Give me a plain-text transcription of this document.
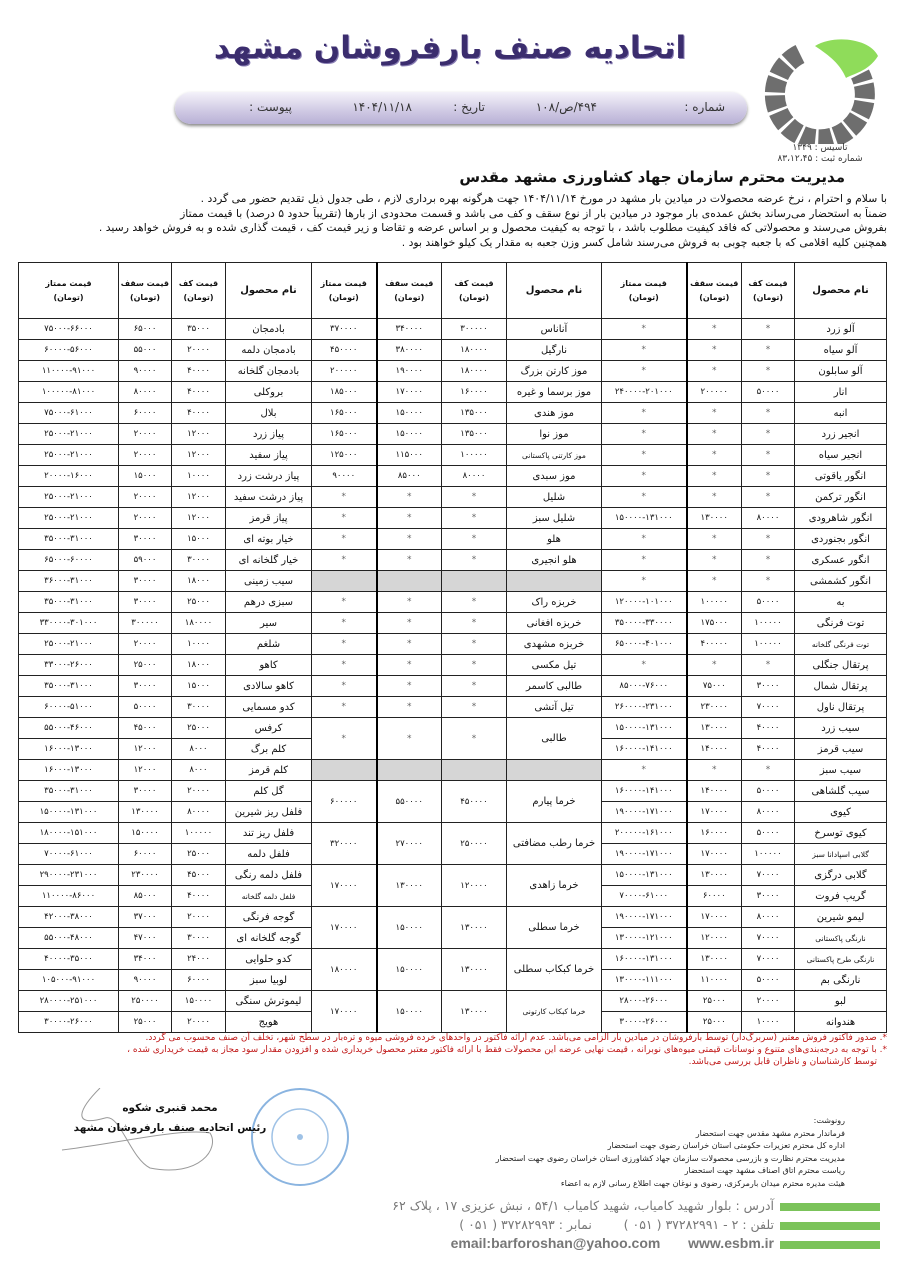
اتحادیه صنف بارفروشان مشهد
شماره :
۴۹۴/ص/۱۰۸
تاریخ :
۱۴۰۴/۱۱/۱۸
پیوست :
تاسیس : ۱۳۴۹
شماره ثبت : ۸۳،۱۲،۴۵
مدیریت محترم سازمان جهاد کشاورزی مشهد مقدس
با سلام و احترام ، نرخ عرضه محصولات در میادین بار مشهد در مورخ ۱۴۰۴/۱۱/۱۴ جهت هرگونه بهره برداری لازم ، طی جدول ذیل تقدیم حضور می گردد .
ضمناً به استحضار می‌رساند بخش عمده‌ی بار موجود در میادین بار از نوع سقف و کف می باشد و قسمت محدودی از بارها (تقریباً حدود ۵ درصد) با قیمت ممتاز
بفروش می‌رسند و محصولاتی که فاقد کیفیت مطلوب باشد ، با توجه به کیفیت محصول و بر اساس عرضه و تقاضا و زیر قیمت کف ، قیمت گذاری شده و به فروش خواهد رسید .
همچنین کلیه اقلامی که با جعبه چوبی به فروش می‌رسند شامل کسر وزن جعبه به مقدار یک کیلو خواهند بود .
نام محصول	قیمت کف
(تومان)	قیمت سقف
(تومان)	قیمت ممتاز
(تومان)	نام محصول	قیمت کف
(تومان)	قیمت سقف
(تومان)	قیمت ممتاز
(تومان)	نام محصول	قیمت کف
(تومان)	قیمت سقف
(تومان)	قیمت ممتاز
(تومان)
آلو زرد	*	*	*	آناناس	۳۰۰۰۰۰	۳۴۰۰۰۰	۳۷۰۰۰۰	بادمجان	۳۵۰۰۰	۶۵۰۰۰	۷۵۰۰۰-۶۶۰۰۰
آلو سیاه	*	*	*	نارگیل	۱۸۰۰۰۰	۳۸۰۰۰۰	۴۵۰۰۰۰	بادمجان دلمه	۲۰۰۰۰	۵۵۰۰۰	۶۰۰۰۰-۵۶۰۰۰
آلو سابلون	*	*	*	موز کارتن بزرگ	۱۸۰۰۰۰	۱۹۰۰۰۰	۲۰۰۰۰۰	بادمجان گلخانه	۴۰۰۰۰	۹۰۰۰۰	۱۱۰۰۰۰-۹۱۰۰۰
انار	۵۰۰۰۰	۲۰۰۰۰۰	۲۴۰۰۰۰-۲۰۱۰۰۰	موز برسما و غیره	۱۶۰۰۰۰	۱۷۰۰۰۰	۱۸۵۰۰۰	بروکلی	۴۰۰۰۰	۸۰۰۰۰	۱۰۰۰۰۰-۸۱۰۰۰
انبه	*	*	*	موز هندی	۱۳۵۰۰۰	۱۵۰۰۰۰	۱۶۵۰۰۰	بلال	۴۰۰۰۰	۶۰۰۰۰	۷۵۰۰۰-۶۱۰۰۰
انجیر زرد	*	*	*	موز نوا	۱۳۵۰۰۰	۱۵۰۰۰۰	۱۶۵۰۰۰	پیاز زرد	۱۲۰۰۰	۲۰۰۰۰	۲۵۰۰۰-۲۱۰۰۰
انجیر سیاه	*	*	*	موز کارتنی پاکستانی	۱۰۰۰۰۰	۱۱۵۰۰۰	۱۲۵۰۰۰	پیاز سفید	۱۲۰۰۰	۲۰۰۰۰	۲۵۰۰۰-۲۱۰۰۰
انگور یاقوتی	*	*	*	موز سبدی	۸۰۰۰۰	۸۵۰۰۰	۹۰۰۰۰	پیاز درشت زرد	۱۰۰۰۰	۱۵۰۰۰	۲۰۰۰۰-۱۶۰۰۰
انگور ترکمن	*	*	*	شلیل	*	*	*	پیاز درشت سفید	۱۲۰۰۰	۲۰۰۰۰	۲۵۰۰۰-۲۱۰۰۰
انگور شاهرودی	۸۰۰۰۰	۱۳۰۰۰۰	۱۵۰۰۰۰-۱۳۱۰۰۰	شلیل سبز	*	*	*	پیاز قرمز	۱۲۰۰۰	۲۰۰۰۰	۲۵۰۰۰-۲۱۰۰۰
انگور بجنوردی	*	*	*	هلو	*	*	*	خیار بوته ای	۱۵۰۰۰	۳۰۰۰۰	۳۵۰۰۰-۳۱۰۰۰
انگور عسکری	*	*	*	هلو انجیری	*	*	*	خیار گلخانه ای	۳۰۰۰۰	۵۹۰۰۰	۶۵۰۰۰-۶۰۰۰۰
انگور کشمشی	*	*	*					سیب زمینی	۱۸۰۰۰	۳۰۰۰۰	۳۶۰۰۰-۳۱۰۰۰
به	۵۰۰۰۰	۱۰۰۰۰۰	۱۲۰۰۰۰-۱۰۱۰۰۰	خربزه راک	*	*	*	سبزی درهم	۲۵۰۰۰	۳۰۰۰۰	۳۵۰۰۰-۳۱۰۰۰
توت فرنگی	۱۰۰۰۰۰	۱۷۵۰۰۰	۳۵۰۰۰۰-۳۳۰۰۰۰	خربزه افغانی	*	*	*	سیر	۱۸۰۰۰۰	۳۰۰۰۰۰	۳۳۰۰۰۰-۳۰۱۰۰۰
توت فرنگی گلخانه	۱۰۰۰۰۰	۴۰۰۰۰۰	۶۵۰۰۰۰-۴۰۱۰۰۰	خربزه مشهدی	*	*	*	شلغم	۱۰۰۰۰	۲۰۰۰۰	۲۵۰۰۰-۲۱۰۰۰
پرتقال جنگلی	*	*	*	تیل مکسی	*	*	*	کاهو	۱۸۰۰۰	۲۵۰۰۰	۳۳۰۰۰-۲۶۰۰۰
پرتقال شمال	۳۰۰۰۰	۷۵۰۰۰	۸۵۰۰۰-۷۶۰۰۰	طالبی کاسمر	*	*	*	کاهو سالادی	۱۵۰۰۰	۳۰۰۰۰	۳۵۰۰۰-۳۱۰۰۰
پرتقال ناول	۷۰۰۰۰	۲۳۰۰۰۰	۲۶۰۰۰۰-۲۳۱۰۰۰	تیل آتشی	*	*	*	کدو مسمایی	۳۰۰۰۰	۵۰۰۰۰	۶۰۰۰۰-۵۱۰۰۰
سیب زرد	۴۰۰۰۰	۱۳۰۰۰۰	۱۵۰۰۰۰-۱۳۱۰۰۰	طالبی	*	*	*	کرفس	۲۵۰۰۰	۴۵۰۰۰	۵۵۰۰۰-۴۶۰۰۰
سیب قرمز	۴۰۰۰۰	۱۴۰۰۰۰	۱۶۰۰۰۰-۱۴۱۰۰۰					کلم برگ	۸۰۰۰	۱۲۰۰۰	۱۶۰۰۰-۱۳۰۰۰
سیب سبز	*	*	*					کلم قرمز	۸۰۰۰	۱۲۰۰۰	۱۶۰۰۰-۱۳۰۰۰
سیب گلشاهی	۵۰۰۰۰	۱۴۰۰۰۰	۱۶۰۰۰۰-۱۴۱۰۰۰	خرما پیارم	۴۵۰۰۰۰	۵۵۰۰۰۰	۶۰۰۰۰۰	گل کلم	۲۰۰۰۰	۳۰۰۰۰	۳۵۰۰۰-۳۱۰۰۰
کیوی	۸۰۰۰۰	۱۷۰۰۰۰	۱۹۰۰۰۰-۱۷۱۰۰۰					فلفل ریز شیرین	۸۰۰۰۰	۱۳۰۰۰۰	۱۵۰۰۰۰-۱۳۱۰۰۰
کیوی توسرخ	۵۰۰۰۰	۱۶۰۰۰۰	۲۰۰۰۰۰-۱۶۱۰۰۰	خرما رطب مضافتی	۲۵۰۰۰۰	۲۷۰۰۰۰	۳۲۰۰۰۰	فلفل ریز تند	۱۰۰۰۰۰	۱۵۰۰۰۰	۱۸۰۰۰۰-۱۵۱۰۰۰
گلابی اسپادانا سبز	۱۰۰۰۰۰	۱۷۰۰۰۰	۱۹۰۰۰۰-۱۷۱۰۰۰					فلفل دلمه	۲۵۰۰۰	۶۰۰۰۰	۷۰۰۰۰-۶۱۰۰۰
گلابی درگزی	۷۰۰۰۰	۱۳۰۰۰۰	۱۵۰۰۰۰-۱۳۱۰۰۰	خرما زاهدی	۱۲۰۰۰۰	۱۳۰۰۰۰	۱۷۰۰۰۰	فلفل دلمه رنگی	۴۵۰۰۰	۲۳۰۰۰۰	۲۹۰۰۰۰-۲۳۱۰۰۰
گریپ فروت	۳۰۰۰۰	۶۰۰۰۰	۷۰۰۰۰-۶۱۰۰۰					فلفل دلمه گلخانه	۴۰۰۰۰	۸۵۰۰۰	۱۱۰۰۰۰-۸۶۰۰۰
لیمو شیرین	۸۰۰۰۰	۱۷۰۰۰۰	۱۹۰۰۰۰-۱۷۱۰۰۰	خرما سطلی	۱۳۰۰۰۰	۱۵۰۰۰۰	۱۷۰۰۰۰	گوجه فرنگی	۲۰۰۰۰	۳۷۰۰۰	۴۲۰۰۰-۳۸۰۰۰
نارنگی پاکستانی	۷۰۰۰۰	۱۲۰۰۰۰	۱۳۰۰۰۰-۱۲۱۰۰۰					گوجه گلخانه ای	۳۰۰۰۰	۴۷۰۰۰	۵۵۰۰۰-۴۸۰۰۰
نارنگی طرح پاکستانی	۷۰۰۰۰	۱۳۰۰۰۰	۱۶۰۰۰۰-۱۳۱۰۰۰	خرما کبکاب سطلی	۱۳۰۰۰۰	۱۵۰۰۰۰	۱۸۰۰۰۰	کدو حلوایی	۲۴۰۰۰	۳۴۰۰۰	۴۰۰۰۰-۳۵۰۰۰
نارنگی بم	۵۰۰۰۰	۱۱۰۰۰۰	۱۳۰۰۰۰-۱۱۱۰۰۰					لوبیا سبز	۶۰۰۰۰	۹۰۰۰۰	۱۰۵۰۰۰-۹۱۰۰۰
لبو	۲۰۰۰۰	۲۵۰۰۰	۲۸۰۰۰-۲۶۰۰۰	خرما کبکاب کارتونی	۱۳۰۰۰۰	۱۵۰۰۰۰	۱۷۰۰۰۰	لیموترش سنگی	۱۵۰۰۰۰	۲۵۰۰۰۰	۲۸۰۰۰۰-۲۵۱۰۰۰
هندوانه	۱۰۰۰۰	۲۵۰۰۰	۳۰۰۰۰-۲۶۰۰۰					هویج	۲۰۰۰۰	۲۵۰۰۰	۳۰۰۰۰-۲۶۰۰۰
*. صدور فاکتور فروش معتبر (سربرگ‌دار) توسط بارفروشان در میادین بار الزامی می‌باشد. عدم ارائه فاکتور در واحدهای خرده فروشی میوه و تره‌بار در سطح شهر، تخلف آن صنف محسوب می گردد.
*. با توجه به درجه‌بندی‌های متنوع و نوسانات قیمتی میوه‌های نوبرانه ، قیمت نهایی عرضه این محصولات فقط با ارائه فاکتور معتبر محصول خریداری شده و افزودن مقدار سود مجاز به قیمت خریداری شده ،
توسط کارشناسان و ناظران قابل بررسی می‌باشد.
محمد قنبری شکوه
رئیس اتحادیه صنف بارفروشان مشهد
رونوشت:
فرماندار محترم مشهد مقدس جهت استحضار
اداره کل محترم تعزیرات حکومتی استان خراسان رضوی جهت استحضار
مدیریت محترم نظارت و بازرسی محصولات سازمان جهاد کشاورزی استان خراسان رضوی جهت استحضار
ریاست محترم اتاق اصناف مشهد جهت استحضار
هیئت مدیره محترم میدان بارمرکزی، رضوی و نوغان جهت اطلاع رسانی لازم به اعضاء
آدرس : بلوار شهید کامیاب، شهید کامیاب ۵۴/۱ ، نبش عزیزی ۱۷ ، پلاک ۶۲
تلفن : ۲ - ۳۷۲۸۲۹۹۱ ( ۰۵۱ )        نمابر : ۳۷۲۸۲۹۹۳ ( ۰۵۱ )
email:barforoshan@yahoo.com www.esbm.ir
